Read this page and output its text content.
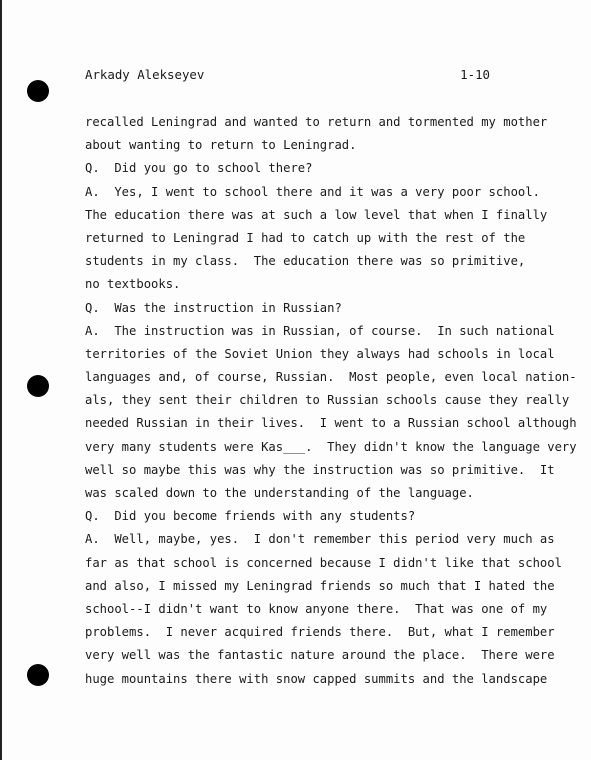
Arkady Alekseyev	1-10
recalled Leningrad and wanted to return and tormented my mother
about wanting to return to Leningrad.
Q.  Did you go to school there?
A.  Yes, I went to school there and it was a very poor school.
The education there was at such a low level that when I finally
returned to Leningrad I had to catch up with the rest of the
students in my class.  The education there was so primitive,
no textbooks.
Q.  Was the instruction in Russian?
A.  The instruction was in Russian, of course.  In such national
territories of the Soviet Union they always had schools in local
languages and, of course, Russian.  Most people, even local nation-
als, they sent their children to Russian schools cause they really
needed Russian in their lives.  I went to a Russian school although
very many students were Kas___.  They didn't know the language very
well so maybe this was why the instruction was so primitive.  It
was scaled down to the understanding of the language.
Q.  Did you become friends with any students?
A.  Well, maybe, yes.  I don't remember this period very much as
far as that school is concerned because I didn't like that school
and also, I missed my Leningrad friends so much that I hated the
school--I didn't want to know anyone there.  That was one of my
problems.  I never acquired friends there.  But, what I remember
very well was the fantastic nature around the place.  There were
huge mountains there with snow capped summits and the landscape
